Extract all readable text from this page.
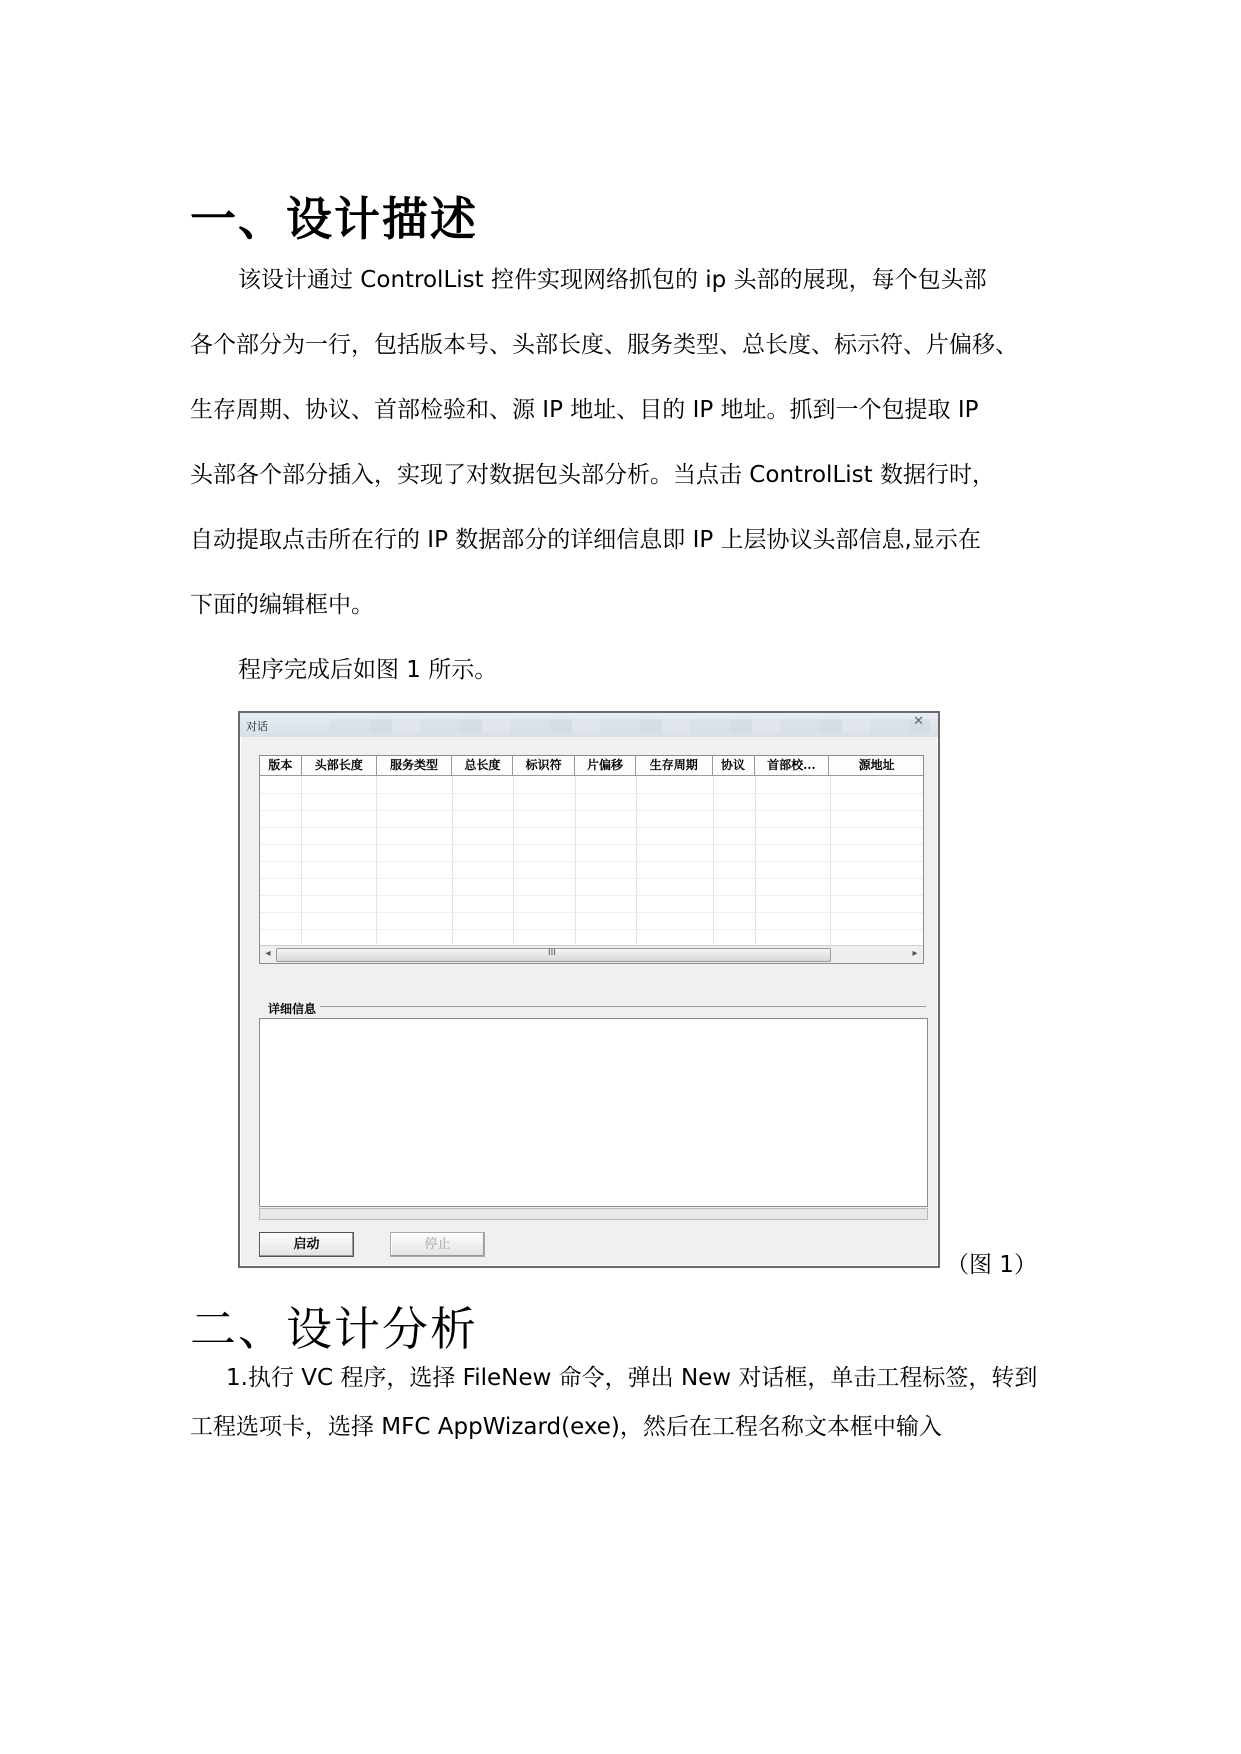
一、设计描述
该设计通过 ControlList 控件实现网络抓包的 ip 头部的展现，每个包头部
各个部分为一行，包括版本号、头部长度、服务类型、总长度、标示符、片偏移、
生存周期、协议、首部检验和、源 IP 地址、目的 IP 地址。抓到一个包提取 IP
头部各个部分插入，实现了对数据包头部分析。当点击 ControlList 数据行时，
自动提取点击所在行的 IP 数据部分的详细信息即 IP 上层协议头部信息,显示在
下面的编辑框中。
程序完成后如图 1 所示。
对话	✕
版本	头部长度	服务类型	总长度	标识符	片偏移	生存周期	协议	首部校...	源地址
◂	III	▸
详细信息
启动	停止
（图 1）
二、设计分析
1.执行 VC 程序，选择 FileNew 命令，弹出 New 对话框，单击工程标签，转到
工程选项卡，选择 MFC AppWizard(exe)，然后在工程名称文本框中输入
